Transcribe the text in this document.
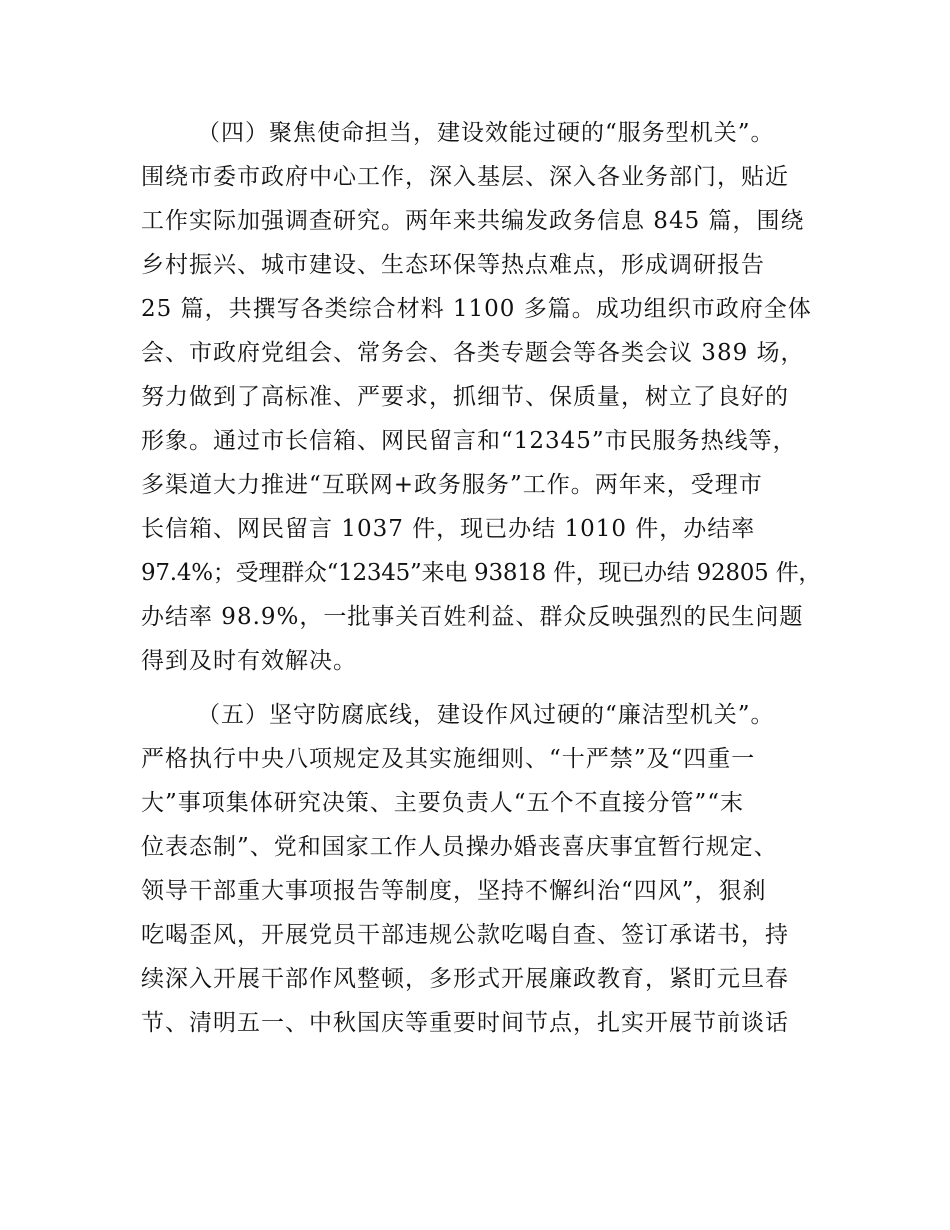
（四）聚焦使命担当，建设效能过硬的“服务型机关”。
围绕市委市政府中心工作，深入基层、深入各业务部门，贴近
工作实际加强调查研究。两年来共编发政务信息 845 篇，围绕
乡村振兴、城市建设、生态环保等热点难点，形成调研报告
25 篇，共撰写各类综合材料 1100 多篇。成功组织市政府全体
会、市政府党组会、常务会、各类专题会等各类会议 389 场，
努力做到了高标准、严要求，抓细节、保质量，树立了良好的
形象。通过市长信箱、网民留言和“12345”市民服务热线等，
多渠道大力推进“互联网+政务服务”工作。两年来，受理市
长信箱、网民留言 1037 件，现已办结 1010 件，办结率
97.4%；受理群众“12345”来电 93818 件，现已办结 92805 件，
办结率 98.9%，一批事关百姓利益、群众反映强烈的民生问题
得到及时有效解决。
（五）坚守防腐底线，建设作风过硬的“廉洁型机关”。
严格执行中央八项规定及其实施细则、“十严禁”及“四重一
大”事项集体研究决策、主要负责人“五个不直接分管”“末
位表态制”、党和国家工作人员操办婚丧喜庆事宜暂行规定、
领导干部重大事项报告等制度，坚持不懈纠治“四风”，狠刹
吃喝歪风，开展党员干部违规公款吃喝自查、签订承诺书，持
续深入开展干部作风整顿，多形式开展廉政教育，紧盯元旦春
节、清明五一、中秋国庆等重要时间节点，扎实开展节前谈话
